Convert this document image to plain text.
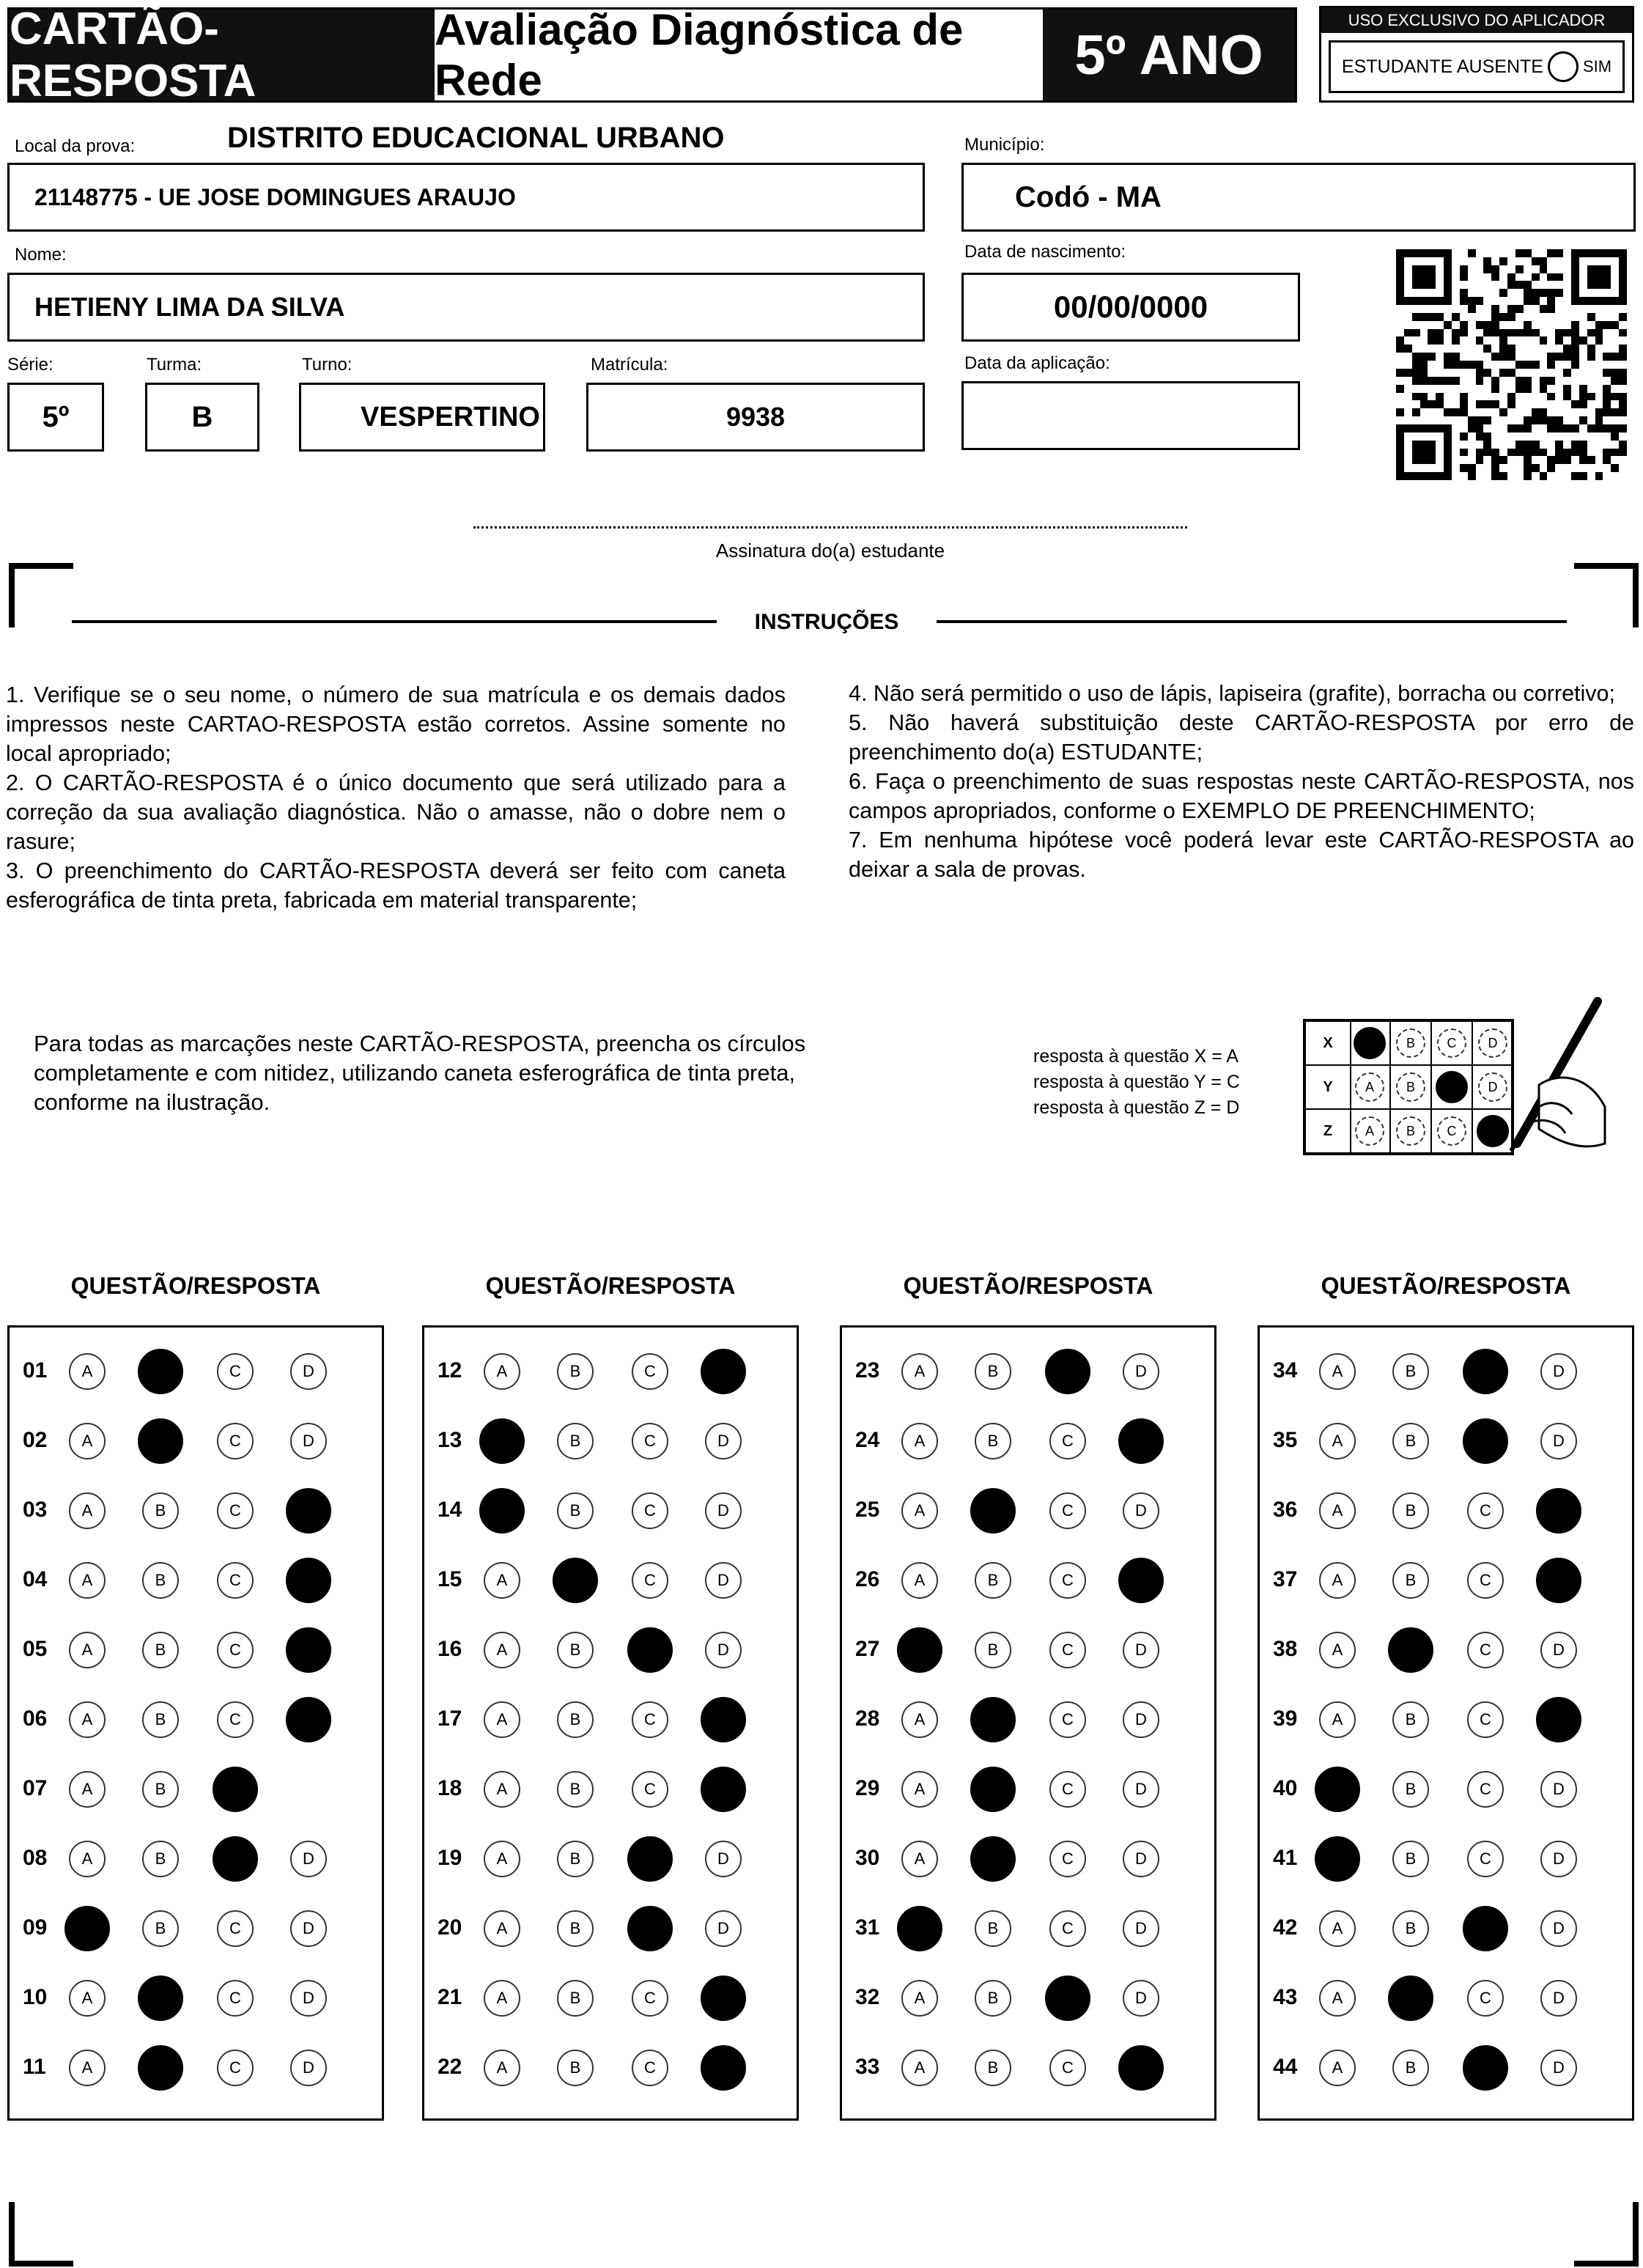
CARTÃO-RESPOSTA
Avaliação Diagnóstica de Rede	5º ANO
USO EXCLUSIVO DO APLICADOR
ESTUDANTE AUSENTE SIM
Local da prova:	DISTRITO EDUCACIONAL URBANO
21148775 - UE JOSE DOMINGUES ARAUJO
Município:
Codó - MA
Nome:
HETIENY LIMA DA SILVA
Data de nascimento:
00/00/0000
Série:
5º
Turma:
B
Turno:
VESPERTINO
Matrícula:
9938
Data da aplicação:
Assinatura do(a) estudante
INSTRUÇÕES

1. Verifique se o seu nome, o número de sua matrícula e os demais dados impressos neste CARTAO-RESPOSTA estão corretos. Assine somente no local apropriado;

2. O CARTÃO-RESPOSTA é o único documento que será utilizado para a correção da sua avaliação diagnóstica. Não o amasse, não o dobre nem o rasure;

3. O preenchimento do CARTÃO-RESPOSTA deverá ser feito com caneta esferográfica de tinta preta, fabricada em material transparente;

4. Não será permitido o uso de lápis, lapiseira (grafite), borracha ou corretivo;

5. Não haverá substituição deste CARTÃO-RESPOSTA por erro de preenchimento do(a) ESTUDANTE;

6. Faça o preenchimento de suas respostas neste CARTÃO-RESPOSTA, nos campos apropriados, conforme o EXEMPLO DE PREENCHIMENTO;

7. Em nenhuma hipótese você poderá levar este CARTÃO-RESPOSTA ao deixar a sala de provas.

Para todas as marcações neste CARTÃO-RESPOSTA, preencha os círculos completamente e com nitidez, utilizando caneta esferográfica de tinta preta, conforme na ilustração.
resposta à questão X = A
resposta à questão Y = C
resposta à questão Z = D
X	B	C	D
Y	A	B	D
Z	A	B	C
QUESTÃO/RESPOSTA	QUESTÃO/RESPOSTA	QUESTÃO/RESPOSTA	QUESTÃO/RESPOSTA
01	A	C	D
02	A	C	D
03	A	B	C
04	A	B	C
05	A	B	C
06	A	B	C
07	A	B
08	A	B	D
09	B	C	D
10	A	C	D
11	A	C	D
12	A	B	C
13	B	C	D
14	B	C	D
15	A	C	D
16	A	B	D
17	A	B	C
18	A	B	C
19	A	B	D
20	A	B	D
21	A	B	C
22	A	B	C
23	A	B	D
24	A	B	C
25	A	C	D
26	A	B	C
27	B	C	D
28	A	C	D
29	A	C	D
30	A	C	D
31	B	C	D
32	A	B	D
33	A	B	C
34	A	B	D
35	A	B	D
36	A	B	C
37	A	B	C
38	A	C	D
39	A	B	C
40	B	C	D
41	B	C	D
42	A	B	D
43	A	C	D
44	A	B	D
